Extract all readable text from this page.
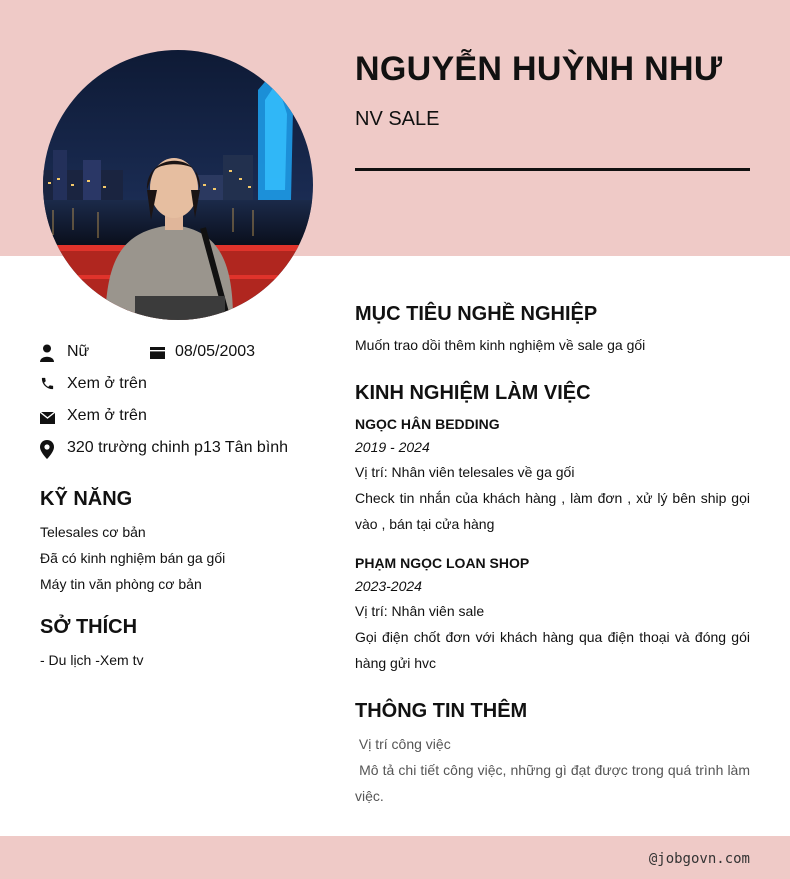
NGUYỄN HUỲNH NHƯ
NV SALE
Nữ	08/05/2003
Xem ở trên
Xem ở trên
320 trường chinh p13 Tân bình
KỸ NĂNG
Telesales cơ bản
Đã có kinh nghiệm bán ga gối
Máy tin văn phòng cơ bản
SỞ THÍCH
- Du lịch -Xem tv
MỤC TIÊU NGHỀ NGHIỆP
Muốn trao dồi thêm kinh nghiệm về sale ga gối
KINH NGHIỆM LÀM VIỆC
NGỌC HÂN BEDDING
2019 - 2024
Vị trí: Nhân viên telesales về ga gối
Check tin nhắn của khách hàng , làm đơn , xử lý bên ship gọi vào , bán tại cửa hàng
PHẠM NGỌC LOAN SHOP
2023-2024
Vị trí: Nhân viên sale
Gọi điện chốt đơn với khách hàng qua điện thoại và đóng gói hàng gửi hvc
THÔNG TIN THÊM
Vị trí công việc
Mô tả chi tiết công việc, những gì đạt được trong quá trình làm việc.
@jobgovn.com
